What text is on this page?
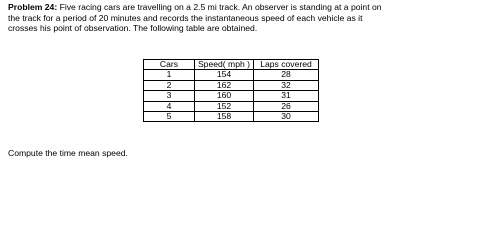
Problem 24: Five racing cars are travelling on a 2.5 mi track. An observer is standing at a point on
the track for a period of 20 minutes and records the instantaneous speed of each vehicle as it
crosses his point of observation. The following table are obtained.
Cars	Speed( mph )	Laps covered
1	154	28
2	162	32
3	160	31
4	152	26
5	158	30
Compute the time mean speed.
